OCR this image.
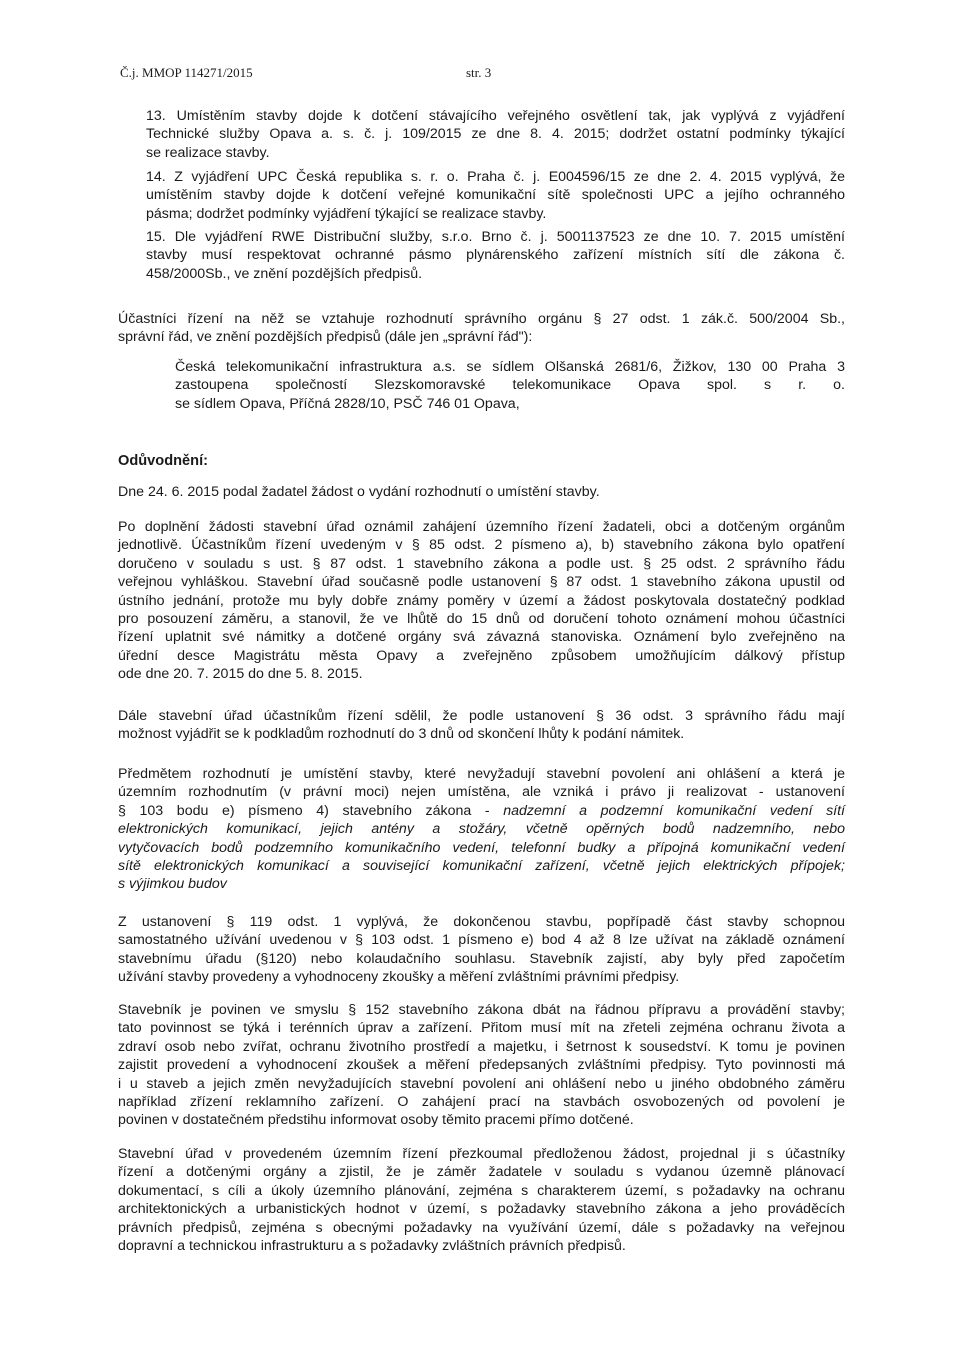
Č.j. MMOP 114271/2015	str. 3
13. Umístěním stavby dojde k dotčení stávajícího veřejného osvětlení tak, jak vyplývá z vyjádření
Technické služby Opava a. s. č. j. 109/2015 ze dne 8. 4. 2015; dodržet ostatní podmínky týkající
se realizace stavby.
14. Z vyjádření UPC Česká republika s. r. o. Praha č. j. E004596/15 ze dne 2. 4. 2015 vyplývá, že
umístěním stavby dojde k dotčení veřejné komunikační sítě společnosti UPC a jejího ochranného
pásma; dodržet podmínky vyjádření týkající se realizace stavby.
15. Dle vyjádření RWE Distribuční služby, s.r.o. Brno č. j. 5001137523 ze dne 10. 7. 2015 umístění
stavby musí respektovat ochranné pásmo plynárenského zařízení místních sítí dle zákona č.
458/2000Sb., ve znění pozdějších předpisů.
Účastníci řízení na něž se vztahuje rozhodnutí správního orgánu § 27 odst. 1 zák.č. 500/2004 Sb.,
správní řád, ve znění pozdějších předpisů (dále jen „správní řád"):
Česká telekomunikační infrastruktura a.s. se sídlem Olšanská 2681/6, Žižkov, 130 00 Praha 3
zastoupena společností Slezskomoravské telekomunikace Opava spol. s r. o.
se sídlem Opava, Příčná 2828/10, PSČ 746 01 Opava,
Odůvodnění:
Dne 24. 6. 2015 podal žadatel žádost o vydání rozhodnutí o umístění stavby.
Po doplnění žádosti stavební úřad oznámil zahájení územního řízení žadateli, obci a dotčeným orgánům
jednotlivě. Účastníkům řízení uvedeným v § 85 odst. 2 písmeno a), b) stavebního zákona bylo opatření
doručeno v souladu s ust. § 87 odst. 1 stavebního zákona a podle ust. § 25 odst. 2 správního řádu
veřejnou vyhláškou. Stavební úřad současně podle ustanovení § 87 odst. 1 stavebního zákona upustil od
ústního jednání, protože mu byly dobře známy poměry v území a žádost poskytovala dostatečný podklad
pro posouzení záměru, a stanovil, že ve lhůtě do 15 dnů od doručení tohoto oznámení mohou účastníci
řízení uplatnit své námitky a dotčené orgány svá závazná stanoviska. Oznámení bylo zveřejněno na
úřední desce Magistrátu města Opavy a zveřejněno způsobem umožňujícím dálkový přístup
ode dne 20. 7. 2015 do dne 5. 8. 2015.
Dále stavební úřad účastníkům řízení sdělil, že podle ustanovení § 36 odst. 3 správního řádu mají
možnost vyjádřit se k podkladům rozhodnutí do 3 dnů od skončení lhůty k podání námitek.
Předmětem rozhodnutí je umístění stavby, které nevyžadují stavební povolení ani ohlášení a která je
územním rozhodnutím (v právní moci) nejen umístěna, ale vzniká i právo ji realizovat - ustanovení
§ 103 bodu e) písmeno 4) stavebního zákona - nadzemní a podzemní komunikační vedení sítí
elektronických komunikací, jejich antény a stožáry, včetně opěrných bodů nadzemního, nebo
vytyčovacích bodů podzemního komunikačního vedení, telefonní budky a přípojná komunikační vedení
sítě elektronických komunikací a související komunikační zařízení, včetně jejich elektrických přípojek;
s výjimkou budov
Z ustanovení § 119 odst. 1 vyplývá, že dokončenou stavbu, popřípadě část stavby schopnou
samostatného užívání uvedenou v § 103 odst. 1 písmeno e) bod 4 až 8 lze užívat na základě oznámení
stavebnímu úřadu (§120) nebo kolaudačního souhlasu. Stavebník zajistí, aby byly před započetím
užívání stavby provedeny a vyhodnoceny zkoušky a měření zvláštními právními předpisy.
Stavebník je povinen ve smyslu § 152 stavebního zákona dbát na řádnou přípravu a provádění stavby;
tato povinnost se týká i terénních úprav a zařízení. Přitom musí mít na zřeteli zejména ochranu života a
zdraví osob nebo zvířat, ochranu životního prostředí a majetku, i šetrnost k sousedství. K tomu je povinen
zajistit provedení a vyhodnocení zkoušek a měření předepsaných zvláštními předpisy. Tyto povinnosti má
i u staveb a jejich změn nevyžadujících stavební povolení ani ohlášení nebo u jiného obdobného záměru
například zřízení reklamního zařízení. O zahájení prací na stavbách osvobozených od povolení je
povinen v dostatečném předstihu informovat osoby těmito pracemi přímo dotčené.
Stavební úřad v provedeném územním řízení přezkoumal předloženou žádost, projednal ji s účastníky
řízení a dotčenými orgány a zjistil, že je záměr žadatele v souladu s vydanou územně plánovací
dokumentací, s cíli a úkoly územního plánování, zejména s charakterem území, s požadavky na ochranu
architektonických a urbanistických hodnot v území, s požadavky stavebního zákona a jeho prováděcích
právních předpisů, zejména s obecnými požadavky na využívání území, dále s požadavky na veřejnou
dopravní a technickou infrastrukturu a s požadavky zvláštních právních předpisů.
